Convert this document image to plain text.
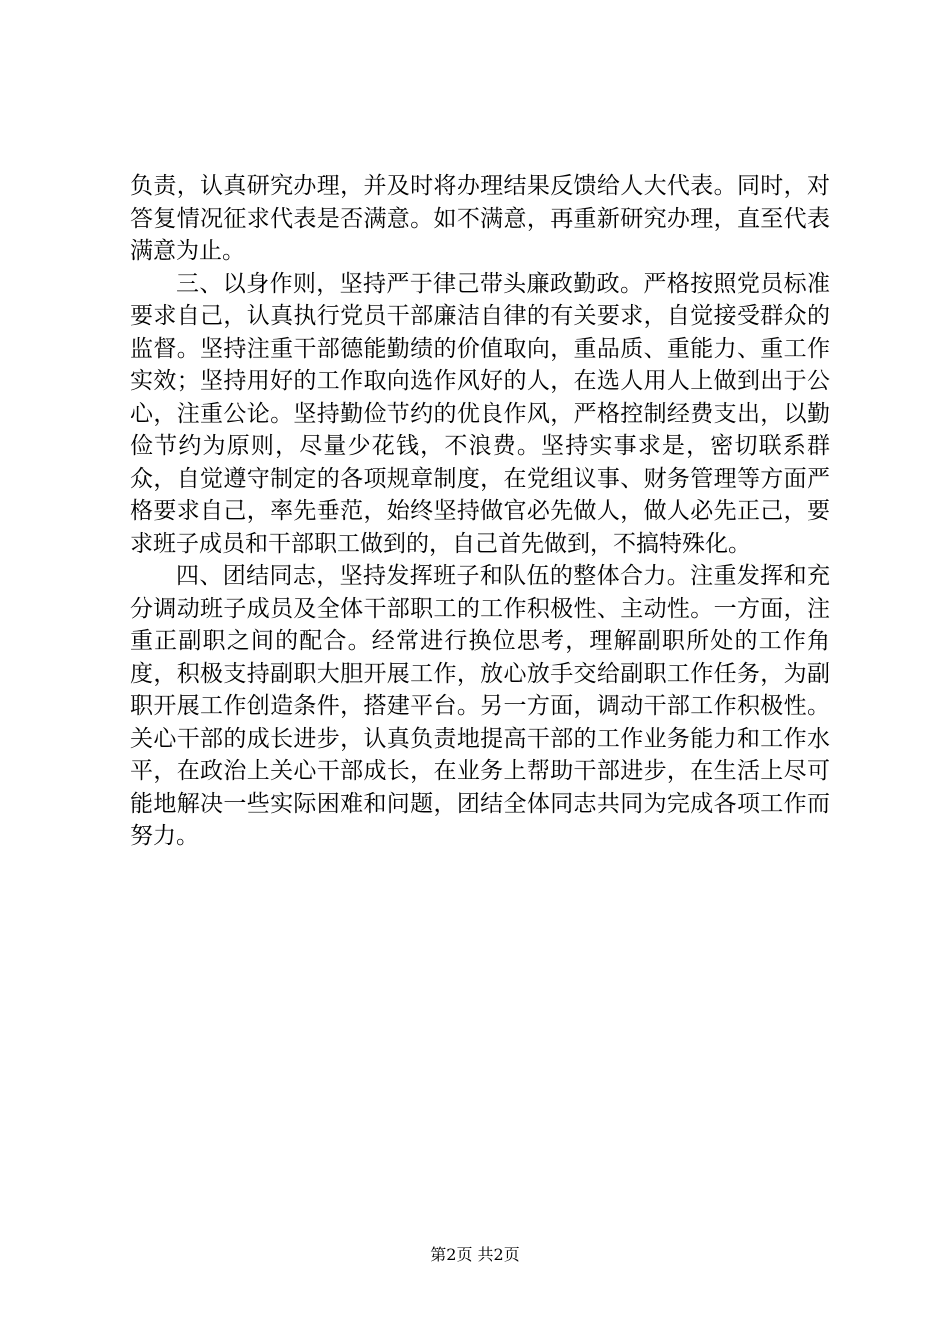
负责，认真研究办理，并及时将办理结果反馈给人大代表。同时，对答复情况征求代表是否满意。如不满意，再重新研究办理，直至代表满意为止。

三、以身作则，坚持严于律己带头廉政勤政。严格按照党员标准要求自己，认真执行党员干部廉洁自律的有关要求，自觉接受群众的监督。坚持注重干部德能勤绩的价值取向，重品质、重能力、重工作实效；坚持用好的工作取向选作风好的人，在选人用人上做到出于公心，注重公论。坚持勤俭节约的优良作风，严格控制经费支出，以勤俭节约为原则，尽量少花钱，不浪费。坚持实事求是，密切联系群众，自觉遵守制定的各项规章制度，在党组议事、财务管理等方面严格要求自己，率先垂范，始终坚持做官必先做人，做人必先正己，要求班子成员和干部职工做到的，自己首先做到，不搞特殊化。

四、团结同志，坚持发挥班子和队伍的整体合力。注重发挥和充分调动班子成员及全体干部职工的工作积极性、主动性。一方面，注重正副职之间的配合。经常进行换位思考，理解副职所处的工作角度，积极支持副职大胆开展工作，放心放手交给副职工作任务，为副职开展工作创造条件，搭建平台。另一方面，调动干部工作积极性。关心干部的成长进步，认真负责地提高干部的工作业务能力和工作水平，在政治上关心干部成长，在业务上帮助干部进步，在生活上尽可能地解决一些实际困难和问题，团结全体同志共同为完成各项工作而努力。

第2页 共2页
